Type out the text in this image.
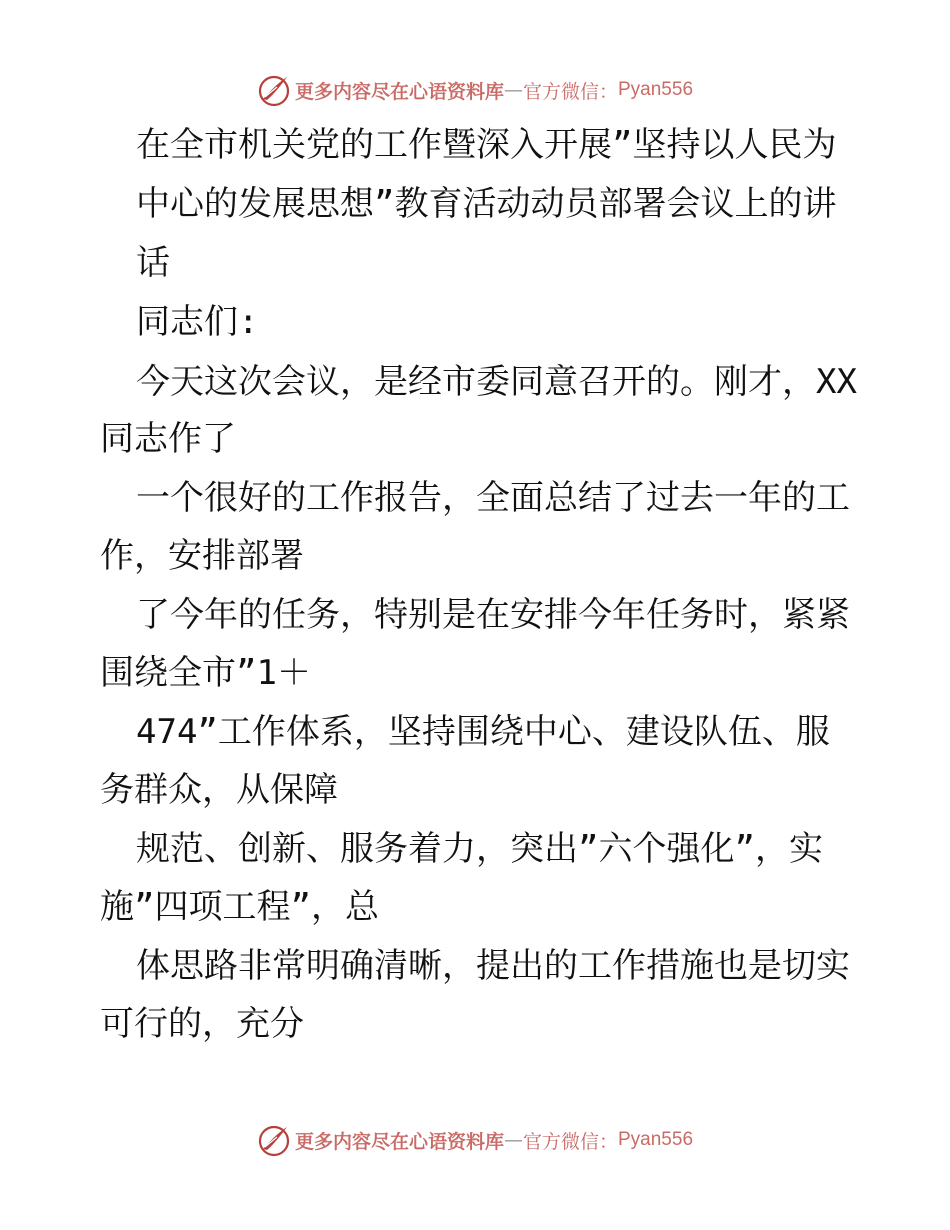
更多内容尽在心语资料库 — 官方微信： Pyan556
在全市机关党的工作暨深入开展”坚持以人民为
中心的发展思想”教育活动动员部署会议上的讲
话
同志们:
今天这次会议，是经市委同意召开的。刚才，XX
同志作了
一个很好的工作报告，全面总结了过去一年的工
作，安排部署
了今年的任务，特别是在安排今年任务时，紧紧
围绕全市”1＋
474”工作体系，坚持围绕中心、建设队伍、服
务群众，从保障
规范、创新、服务着力，突出”六个强化”，实
施”四项工程”，总
体思路非常明确清晰，提出的工作措施也是切实
可行的，充分
更多内容尽在心语资料库 — 官方微信： Pyan556
